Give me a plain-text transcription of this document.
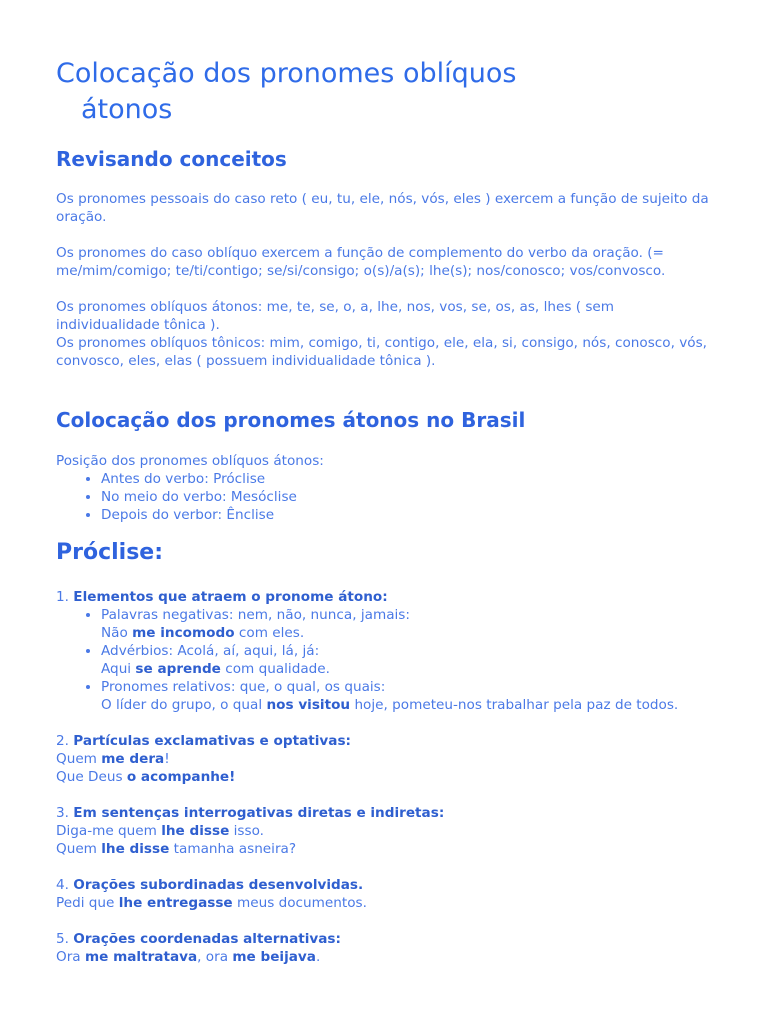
Colocação dos pronomes oblíquos
átonos
Revisando conceitos

Os pronomes pessoais do caso reto ( eu, tu, ele, nós, vós, eles ) exercem a função de sujeito da oração.

Os pronomes do caso oblíquo exercem a função de complemento do verbo da oração. (= me/mim/comigo; te/ti/contigo; se/si/consigo; o(s)/a(s); lhe(s); nos/conosco; vos/convosco.

Os pronomes oblíquos átonos: me, te, se, o, a, lhe, nos, vos, se, os, as, lhes ( sem individualidade tônica ).

Os pronomes oblíquos tônicos: mim, comigo, ti, contigo, ele, ela, si, consigo, nós, conosco, vós, convosco, eles, elas ( possuem individualidade tônica ).

Colocação dos pronomes átonos no Brasil

Posição dos pronomes oblíquos átonos:

• Antes do verbo: Próclise
• No meio do verbo: Mesóclise
• Depois do verbor: Ênclise
Próclise:

1. Elementos que atraem o pronome átono:

• Palavras negativas: nem, não, nunca, jamais:
Não me incomodo com eles.
• Advérbios: Acolá, aí, aqui, lá, já:
Aqui se aprende com qualidade.
• Pronomes relativos: que, o qual, os quais:
O líder do grupo, o qual nos visitou hoje, pometeu-nos trabalhar pela paz de todos.

2. Partículas exclamativas e optativas:
Quem me dera!
Que Deus o acompanhe!

3. Em sentenças interrogativas diretas e indiretas:
Diga-me quem lhe disse isso.
Quem lhe disse tamanha asneira?

4. Orações subordinadas desenvolvidas.
Pedi que lhe entregasse meus documentos.

5. Orações coordenadas alternativas:
Ora me maltratava, ora me beijava.
